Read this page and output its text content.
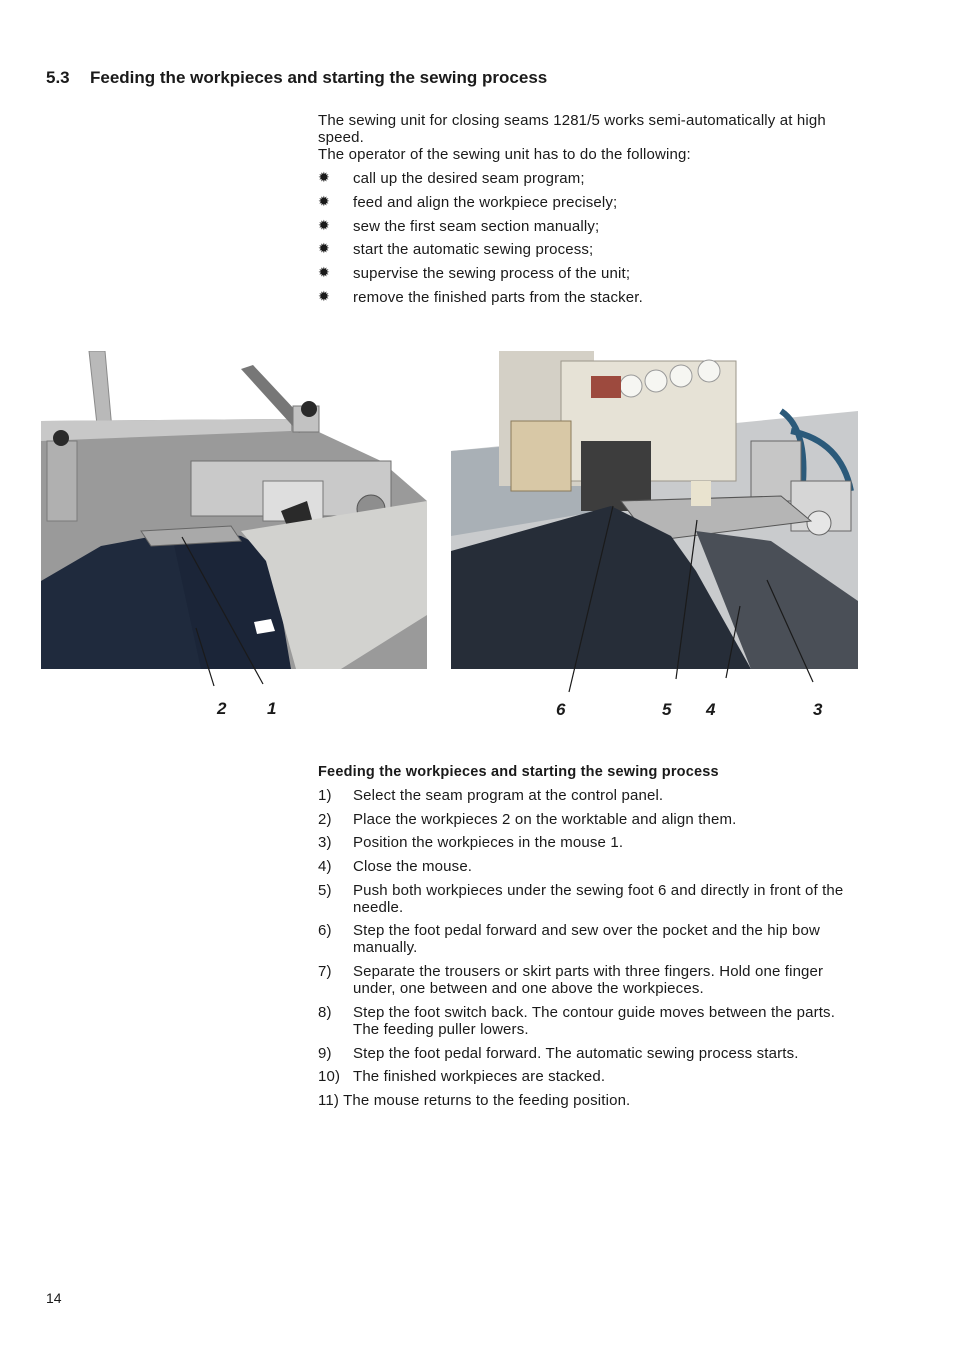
5.3 Feeding the workpieces and starting the sewing process

The sewing unit for closing seams 1281/5 works semi-automatically at high speed.

The operator of the sewing unit has to do the following:

✹ call up the desired seam program;
✹ feed and align the workpiece precisely;
✹ sew the first seam section manually;
✹ start the automatic sewing process;
✹ supervise the sewing process of the unit;
✹ remove the finished parts from the stacker.
2 1	6	5 4	3
Feeding the workpieces and starting the sewing process
1) Select the seam program at the control panel.
2) Place the workpieces 2 on the worktable and align them.
3) Position the workpieces in the mouse 1.
4) Close the mouse.
5) Push both workpieces under the sewing foot 6 and directly in front of the needle.
6) Step the foot pedal forward and sew over the pocket and the hip bow manually.
7) Separate the trousers or skirt parts with three fingers. Hold one finger under, one between and one above the workpieces.
8) Step the foot switch back. The contour guide moves between the parts. The feeding puller lowers.
9) Step the foot pedal forward. The automatic sewing process starts.
10) The finished workpieces are stacked.
11) The mouse returns to the feeding position.
14
